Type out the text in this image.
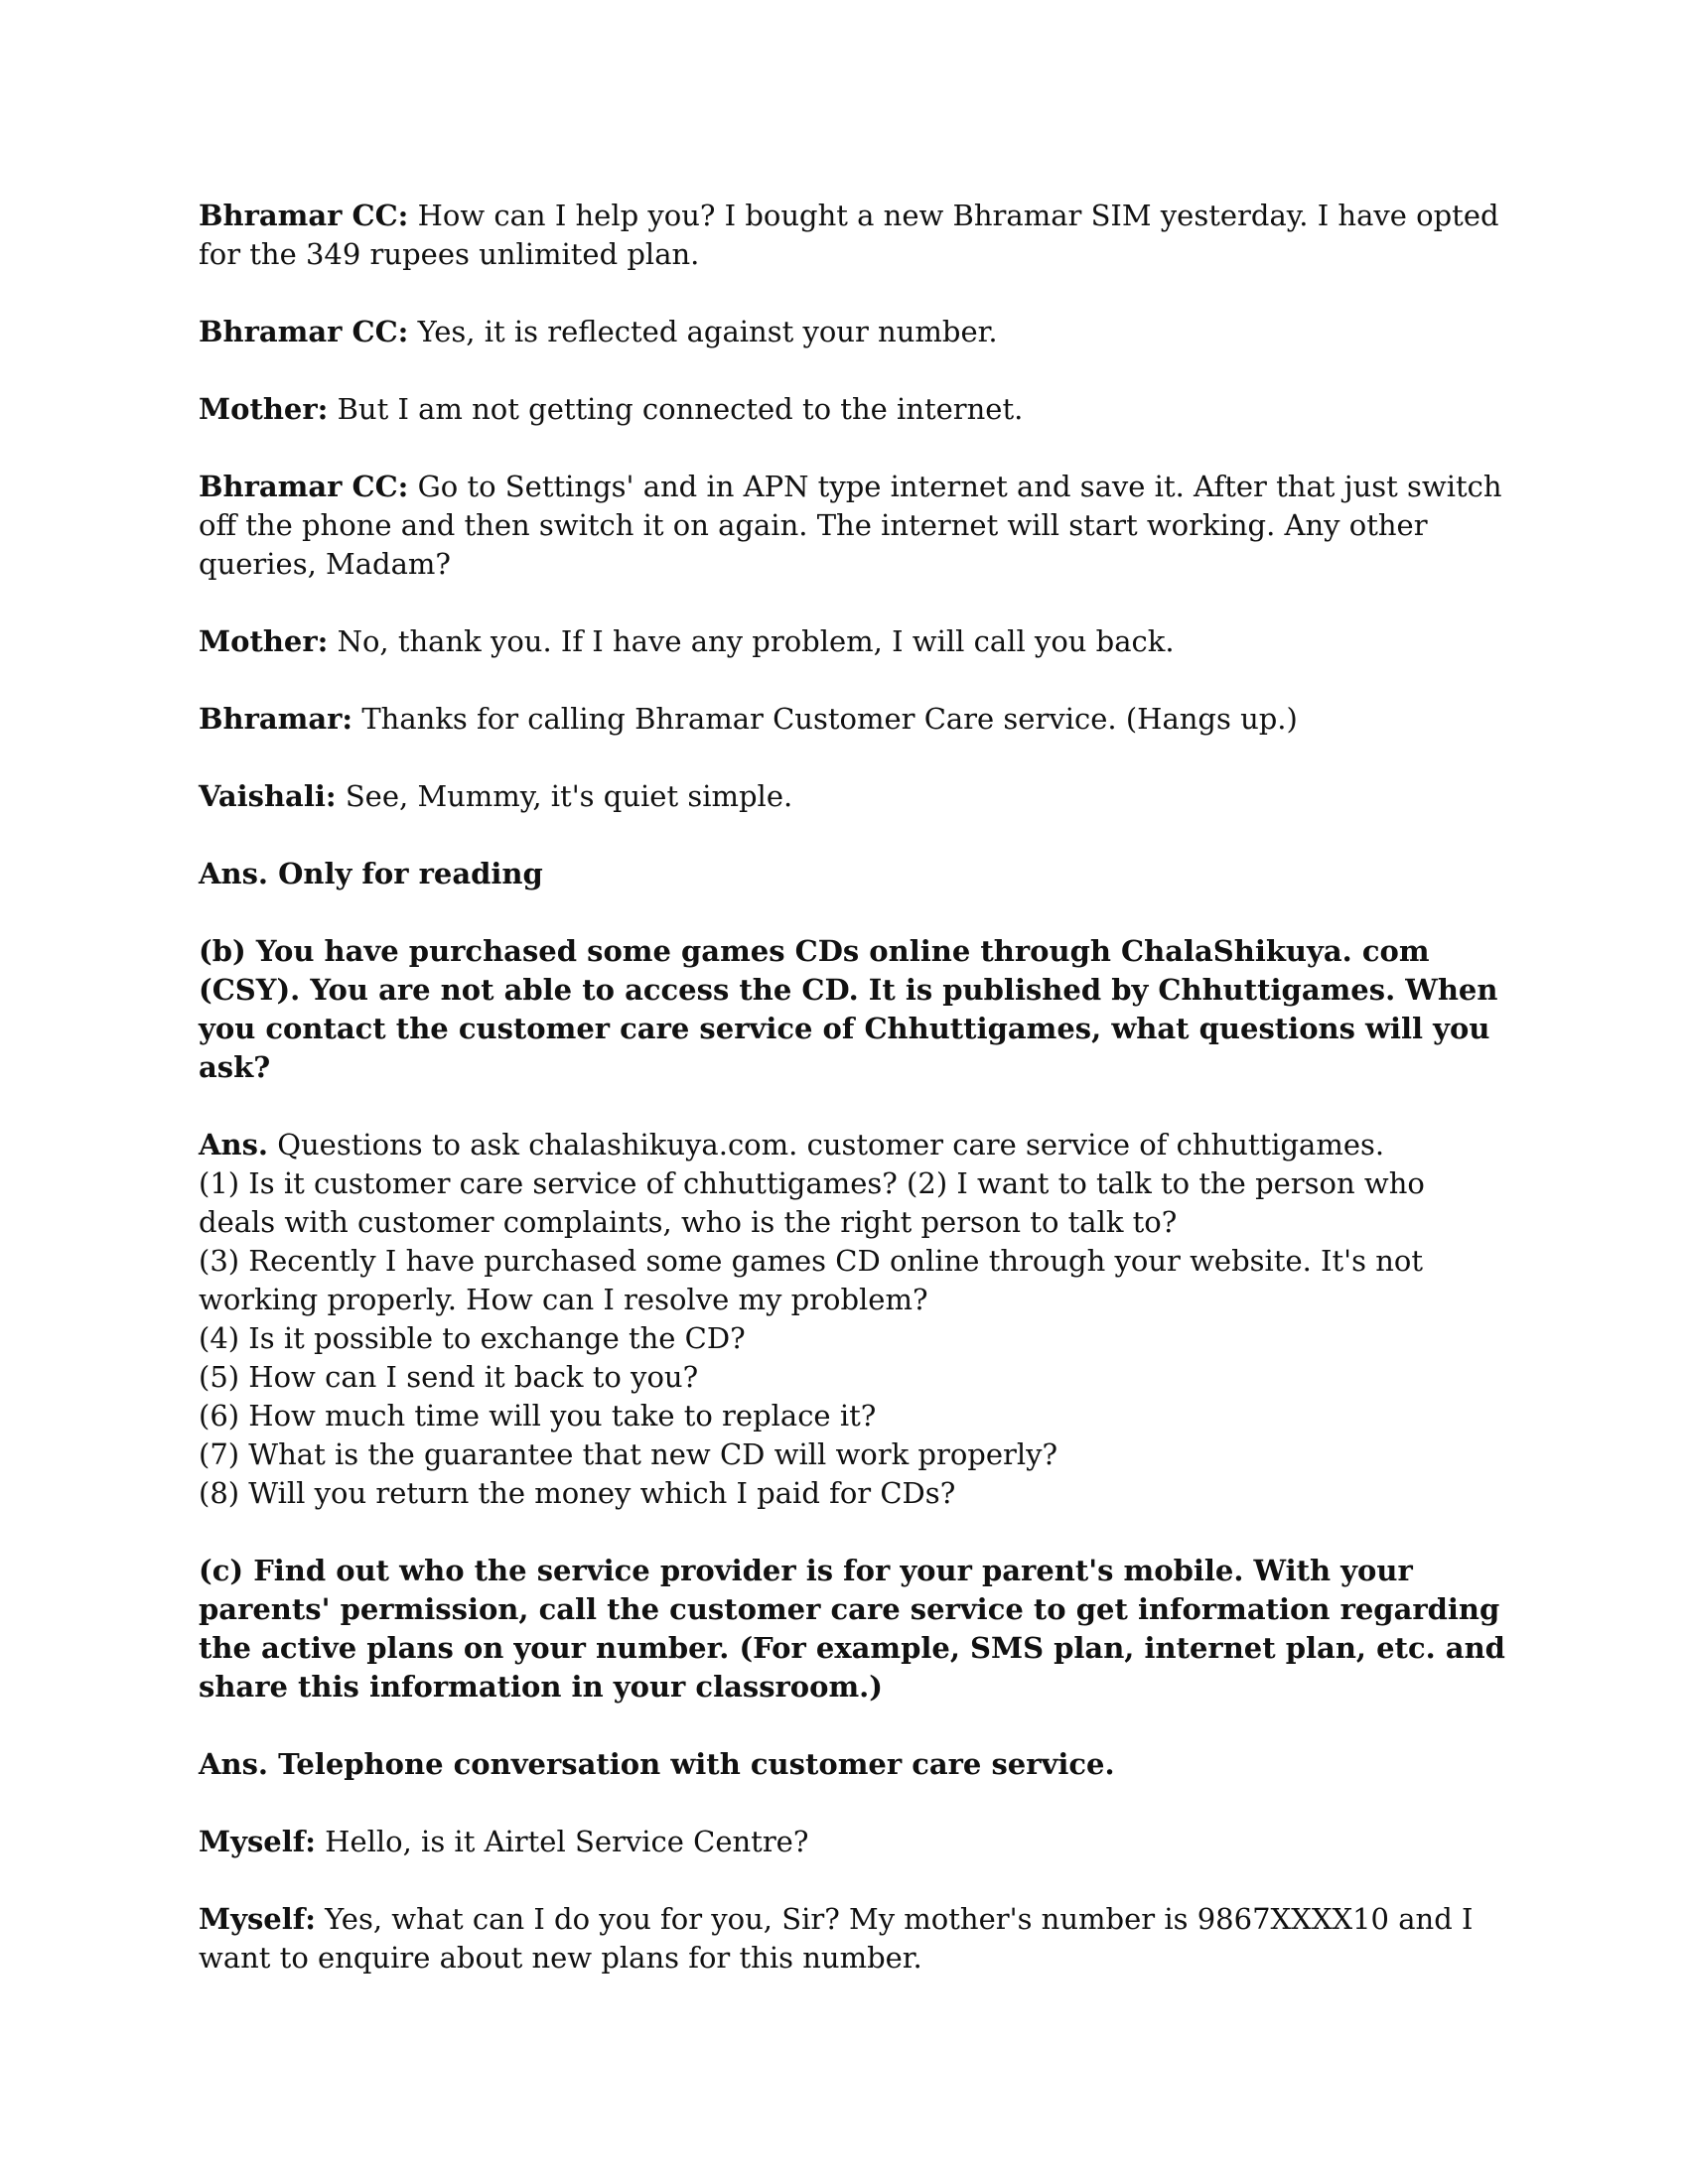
Bhramar CC: How can I help you? I bought a new Bhramar SIM yesterday. I have opted for the 349 rupees unlimited plan.

Bhramar CC: Yes, it is reflected against your number.

Mother: But I am not getting connected to the internet.

Bhramar CC: Go to Settings' and in APN type internet and save it. After that just switch off the phone and then switch it on again. The internet will start working. Any other queries, Madam?

Mother: No, thank you. If I have any problem, I will call you back.

Bhramar: Thanks for calling Bhramar Customer Care service. (Hangs up.)

Vaishali: See, Mummy, it's quiet simple.

Ans. Only for reading

(b) You have purchased some games CDs online through ChalaShikuya. com (CSY). You are not able to access the CD. It is published by Chhuttigames. When you contact the customer care service of Chhuttigames, what questions will you ask?

Ans. Questions to ask chalashikuya.com. customer care service of chhuttigames.
(1) Is it customer care service of chhuttigames? (2) I want to talk to the person who deals with customer complaints, who is the right person to talk to?
(3) Recently I have purchased some games CD online through your website. It's not working properly. How can I resolve my problem?
(4) Is it possible to exchange the CD?
(5) How can I send it back to you?
(6) How much time will you take to replace it?
(7) What is the guarantee that new CD will work properly?
(8) Will you return the money which I paid for CDs?

(c) Find out who the service provider is for your parent's mobile. With your parents' permission, call the customer care service to get information regarding the active plans on your number. (For example, SMS plan, internet plan, etc. and share this information in your classroom.)

Ans. Telephone conversation with customer care service.

Myself: Hello, is it Airtel Service Centre?

Myself: Yes, what can I do you for you, Sir? My mother's number is 9867XXXX10 and I want to enquire about new plans for this number.
